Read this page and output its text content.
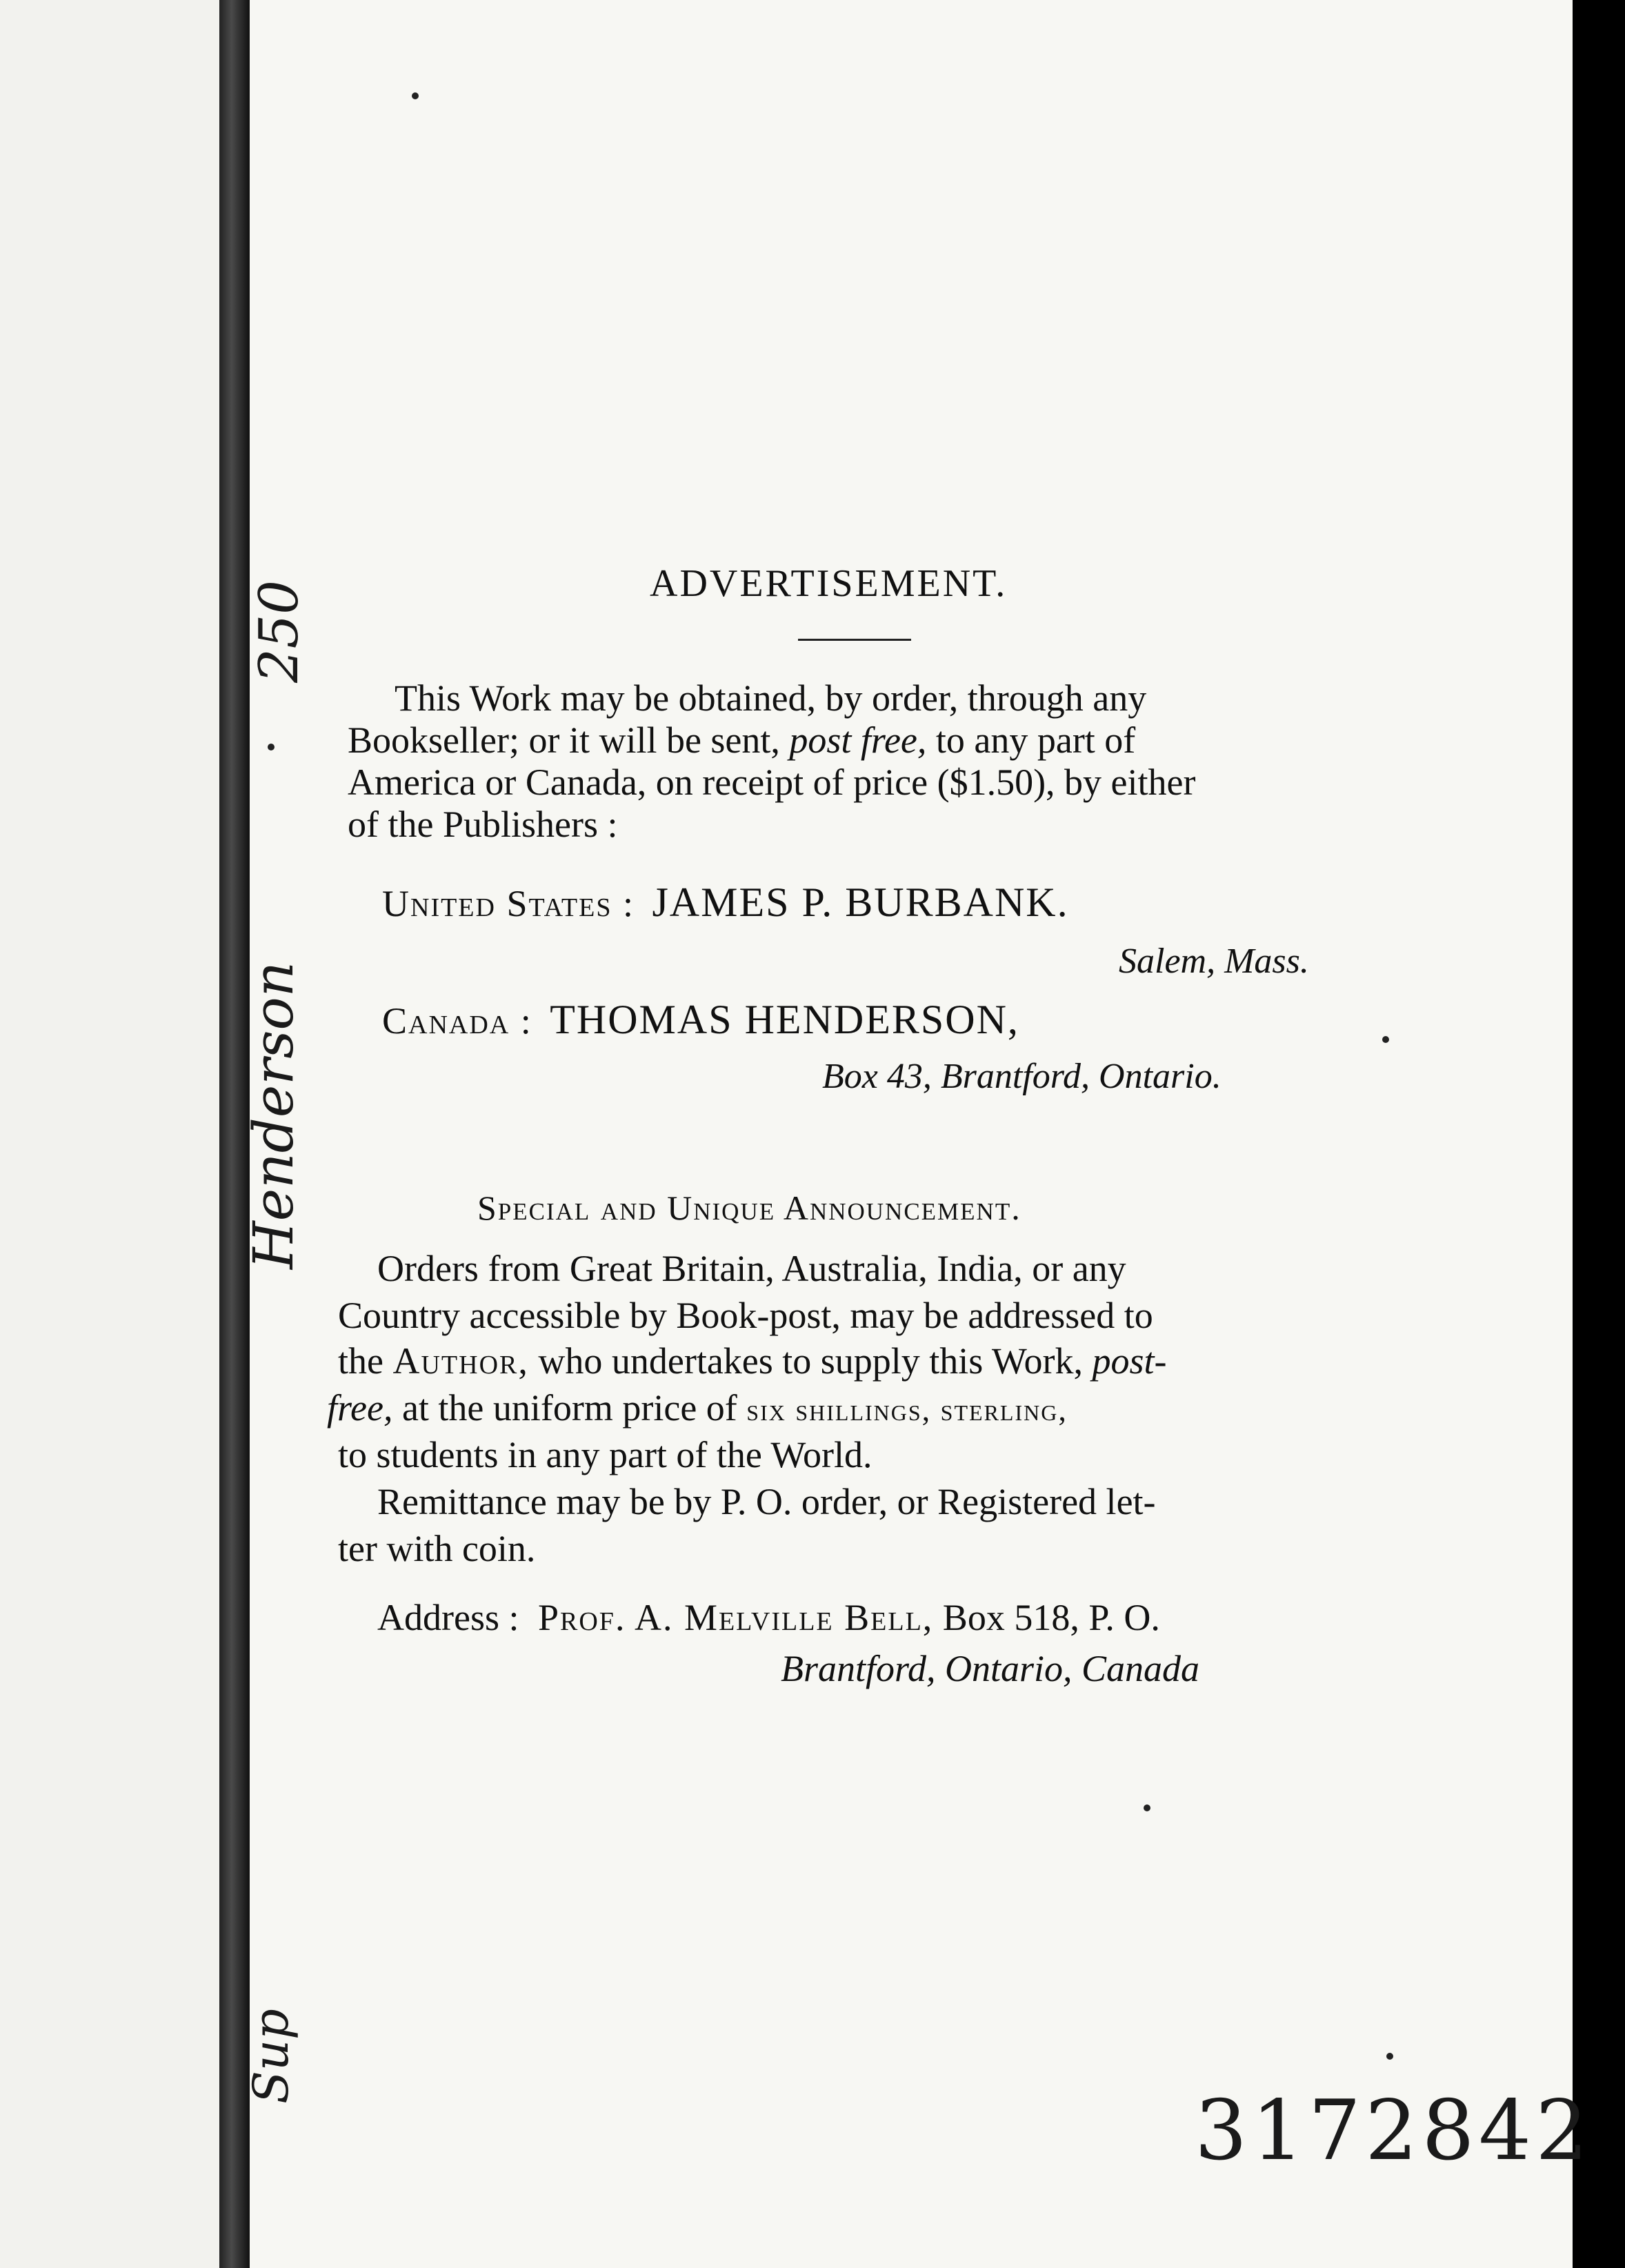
250
Henderson
Sup
ADVERTISEMENT.
This Work may be obtained, by order, through any
Bookseller; or it will be sent, post free, to any part of
America or Canada, on receipt of price ($1.50), by either
of the Publishers :
United States : JAMES P. BURBANK.
Salem, Mass.
Canada : THOMAS HENDERSON,
Box 43, Brantford, Ontario.
Special and Unique Announcement.
Orders from Great Britain, Australia, India, or any
Country accessible by Book-post, may be addressed to
the Author, who undertakes to supply this Work, post-
free, at the uniform price of six shillings, sterling,
to students in any part of the World.
Remittance may be by P. O. order, or Registered let-
ter with coin.
Address : Prof. A. Melville Bell, Box 518, P. O.
Brantford, Ontario, Canada
3172842
